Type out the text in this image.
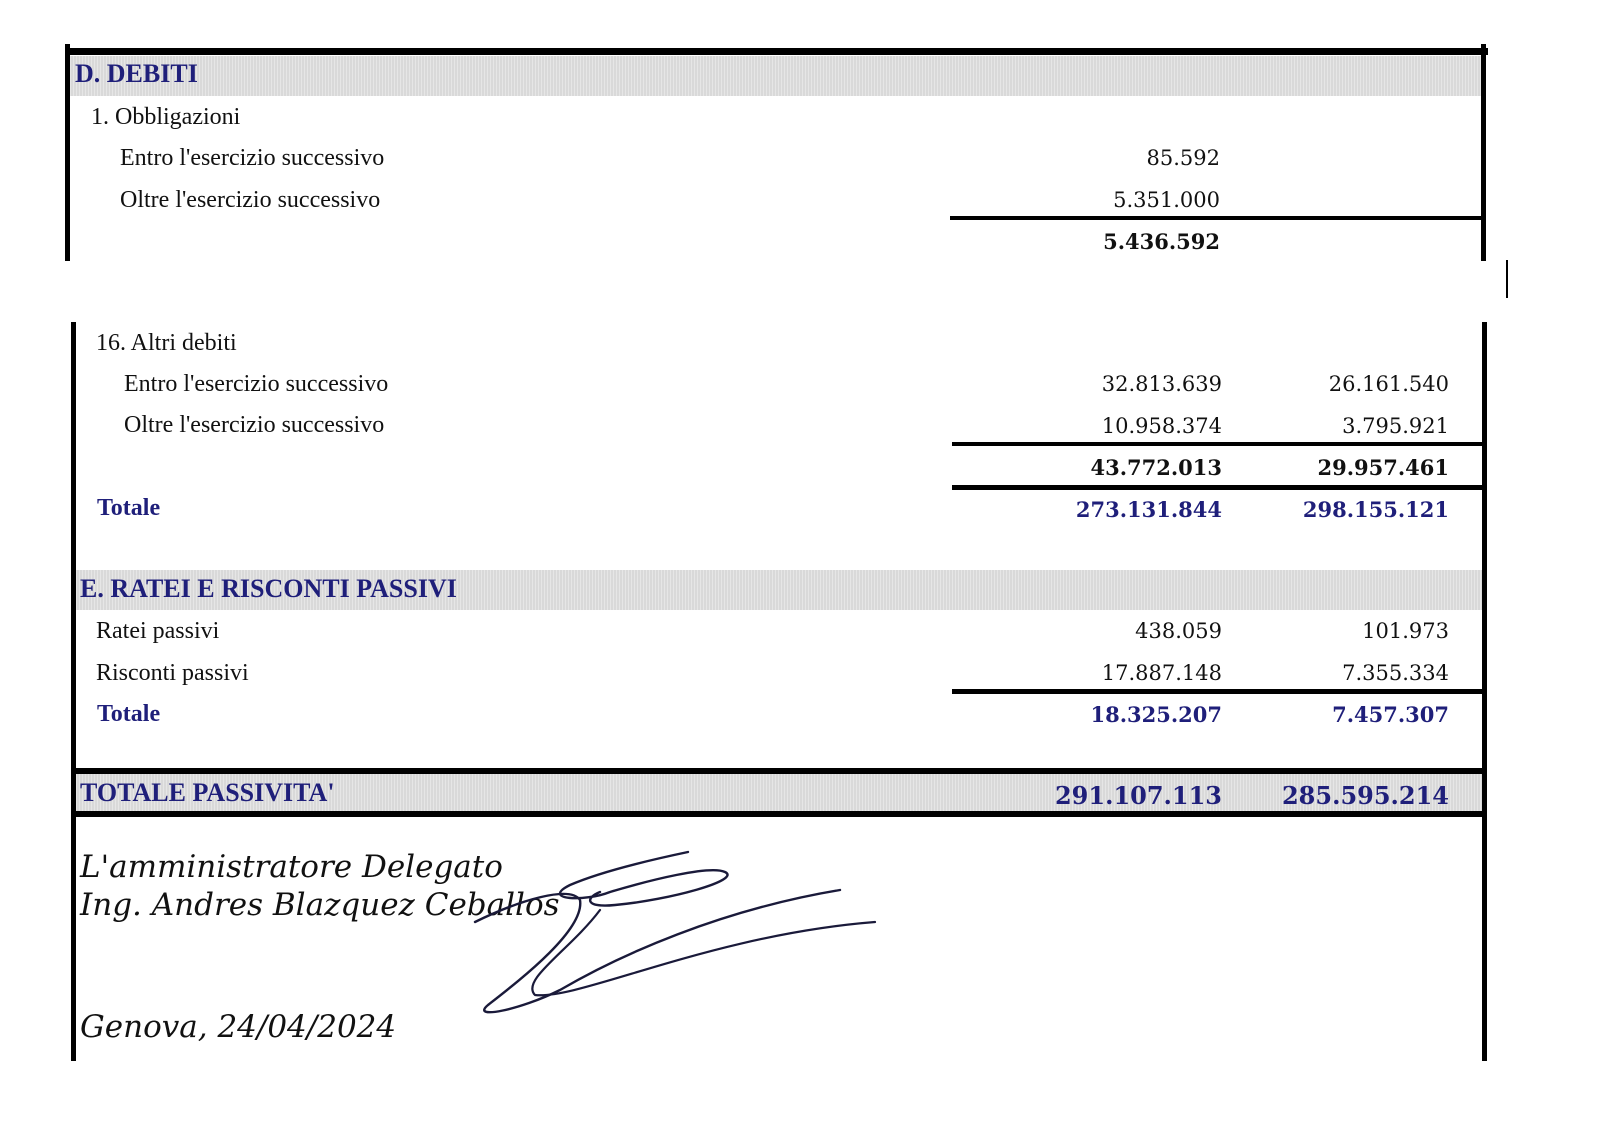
D. DEBITI
1. Obbligazioni
Entro l'esercizio successivo	85.592
Oltre l'esercizio successivo	5.351.000
5.436.592
16. Altri debiti
Entro l'esercizio successivo	32.813.639	26.161.540
Oltre l'esercizio successivo	10.958.374	3.795.921
43.772.013	29.957.461
Totale	273.131.844	298.155.121
E. RATEI E RISCONTI PASSIVI
Ratei passivi	438.059	101.973
Risconti passivi	17.887.148	7.355.334
Totale	18.325.207	7.457.307
TOTALE PASSIVITA'	291.107.113	285.595.214
L'amministratore Delegato
Ing. Andres Blazquez Ceballos
Genova, 24/04/2024
